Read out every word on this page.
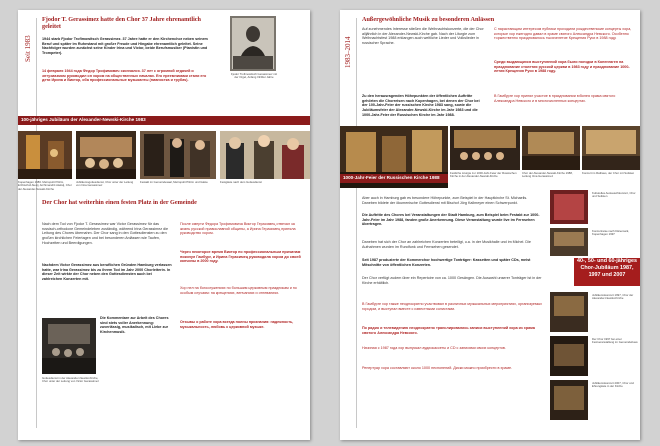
Seit 1983
Fjodor T. Gerassimez hatte den Chor 37 Jahre ehrenamtlich geleitet
1944 starb Fjodor Trofimowitsch Gerassimez. 37 Jahre hatte er den Kirchenchor neben seinem Beruf und später im Ruhestand mit großer Freude und Hingabe ehrenamtlich geleitet. Seine Nachfolger wurden zunächst seine Kinder Irina und Victor, beide Berufsmusiker (Pianistin und Trompeter).
14 февраля 1944 года Федор Трофимович скончался. 37 лет с огромной отдачей и энтузиазмом руководил он хором на общественных началах. Его преемниками стали его дети Ирина и Виктор, оба профессиональные музыканты (пианистка и трубач).
Fjodor Trofimowitsch Gerassimez mit der Orgel, Anfang 1930er Jahre
100-jähriges Jubiläum der Alexander-Newski-Kirche 1983
Kopenhagen 1983. Metropolit Pitirim, Erzbischof Alexij, Archimandrit Aleksij, Chor der Alexander-Newski-Kirche
Jubiläumsgottesdienst, Chor unter der Leitung von Irina Gerassimez
Festakt im Gemeindesaal, Metropolit Pitirim und Gäste	Festgäste nach dem Gottesdienst
Der Chor hat weiterhin einen festen Platz in der Gemeinde
Nach dem Tod von Fjodor T. Gerassimez war Victor Gerassimez für das russisch-orthodoxe Gemeindeleben zuständig, während Irina Gerassimez die Leitung des Chores übernahm. Der Chor sang in den Gottesdiensten zu den großen kirchlichen Feiertagen und bei besonderen Anlässen wie Taufen, Hochzeiten und Beerdigungen.
Nachdem Victor Gerassimez aus beruflichen Gründen Hamburg verlassen hatte, war Irina Gerassimez bis zu ihrem Tod im Jahr 2000 Chorleiterin. In dieser Zeit wirkte der Chor neben den Gottesdiensten auch bei zahlreichen Konzerten mit.
Die Kommentare zur Arbeit des Chores sind stets voller Anerkennung: zuverlässig, musikalisch, mit Liebe zur Kirchenmusik.
Gottesdienst in der Alexander-Newski-Kirche, Chor unter der Leitung von Victor Gerassimez
После смерти Федора Трофимовича Виктор Герасимец отвечал за жизнь русской православной общины, а Ирина Герасимец приняла руководство хором.
Через некоторое время Виктор по профессиональным причинам покинул Гамбург, и Ирина Герасимец руководила хором до своей кончины в 2000 году.
Хор пел на богослужениях по большим церковным праздникам и по особым случаям: на крещениях, венчаниях и отпеваниях.
Отзывы о работе хора всегда полны признания: надежность, музыкальность, любовь к церковной музыке.
1983–2014
Außergewöhnliche Musik zu besonderen Anlässen
Auf zunehmendes Interesse stießen die Weihnachtskonzerte, die der Chor alljährlich in der Alexander-Newski-Kirche gab. Nach der Liturgie zum Weihnachtsfest 1988 erklangen auch weltliche Lieder und Volkslieder in russischer Sprache.
Zu den herausragenden Höhepunkten der öffentlichen Auftritte gehörten die Chorreisen nach Kopenhagen, bei denen der Chor bei der 100-Jahr-Feier der russischen Kirche 1983 sang, sowie die Jubiläumsfeier der Alexander-Newski-Kirche im Jahr 1983 und die 1000-Jahr-Feier der Russischen Kirche im Jahr 1988.
С нарастающим интересом публики проходили рождественские концерты хора, которые хор ежегодно давал в храме святого Александра Невского. Особенно торжественно праздновалось тысячелетие Крещения Руси в 1988 году.
Среди выдающихся выступлений хора были поездки в Копенгаген на празднование столетия русской церкви в 1983 году и празднование 1000-летия Крещения Руси в 1988 году.
В Гамбурге хор принял участие в праздновании юбилея храма святого Александра Невского и в многочисленных концертах.
1000-Jahr-Feier der Russischen Kirche 1988
Festliche Liturgie zur 1000-Jahr-Feier der Russischen Kirche in der Alexander-Newski-Kirche
Chor der Alexander-Newski-Kirche 1988, Leitung Irina Gerassimez
Konzert im Rathaus, der Chor mit Solisten
Aber auch in Hamburg gab es besondere Höhepunkte, zum Beispiel in der Hauptkirche St. Michaelis. Daneben bildete der ökumenische Gottesdienst mit Bischof Jörg Kallmeyer einen Schwerpunkt.
Die Auftritte des Chores bei Veranstaltungen der Stadt Hamburg, zum Beispiel beim Festakt zur 1000-Jahr-Feier im Jahr 1988, fanden große Anerkennung. Diese Veranstaltung wurde live im Fernsehen übertragen.
Daneben hat sich der Chor an zahlreichen Konzerten beteiligt, u.a. in der Musikhalle und im Michel. Die Aufnahmen wurden im Rundfunk und Fernsehen gesendet.
Seit 1987 produzierte der Kommerchor hochwertige Tonträger: Kassetten und später CDs, meist Mitschnitte von öffentlichen Konzerten.
Der Chor verfügt zudem über ein Repertoire von ca. 1000 Gesängen. Die Auswahl unserer Tonträger ist in der Kirche erhältlich.
Kulturelles Austauschkonzert, Chor und Solisten
Konzertreise nach Dänemark, Kopenhagen 1997
40-, 50- und 60-jähriges Chor-Jubiläum 1987, 1997 und 2007
В Гамбурге хор также неоднократно участвовал в различных музыкальных мероприятиях, организуемых городом, и выступал вместе с известными солистами.
По радио и телевидению неоднократно транслировались записи выступлений хора из храма святого Александра Невского.
Начиная с 1987 года хор выпускал аудиокассеты и CD с записями своих концертов.
Репертуар хора составляют около 1000 песнопений. Диски можно приобрести в храме.
Jubiläumskonzert 1997, Chor der Alexander-Newski-Kirche
Der Chor 1997 bei einer Festveranstaltung im Gemeindehaus
Jubiläumskonzert 2007, Chor und Ehrengäste in der Kirche
